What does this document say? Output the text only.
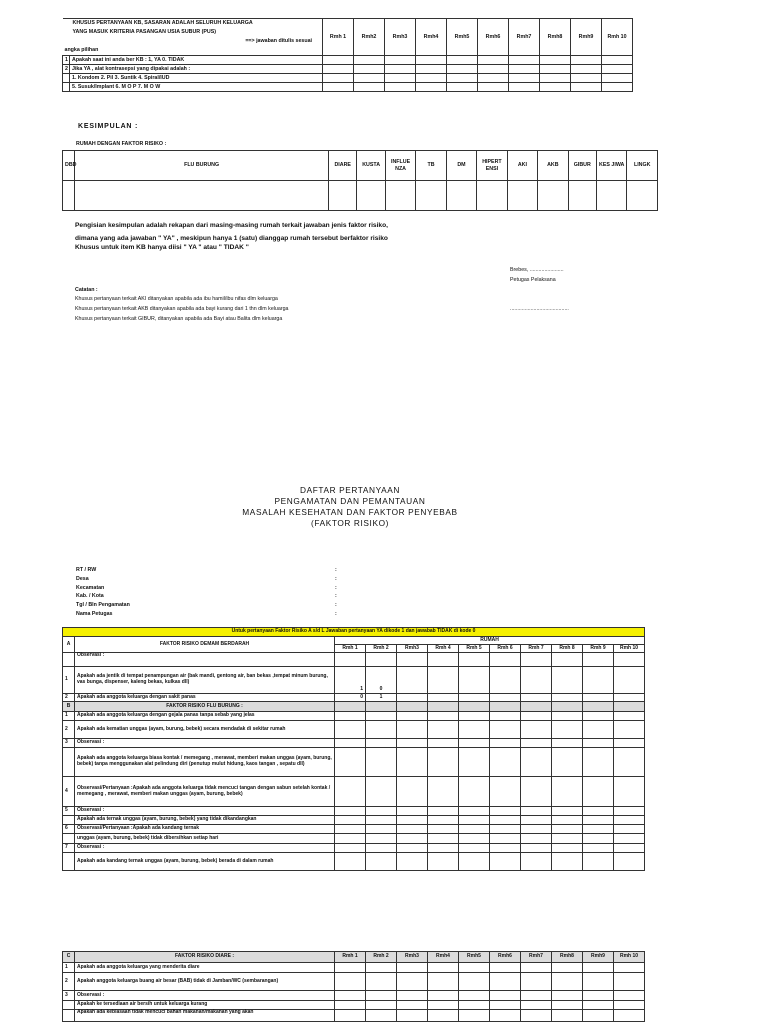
KHUSUS PERTANYAAN KB, SASARAN ADALAH SELURUH KELUARGA
YANG MASUK KRITERIA PASANGAN USIA SUBUR (PUS)
==> jawaban ditulis sesuai
angka pilihan		Rmh 1	Rmh2	Rmh3	Rmh4	Rmh5	Rmh6	Rmh7	Rmh8	Rmh9	Rmh 10
1	Apakah saat ini anda ber KB : 1, YA 0. TIDAK										
2	Jika YA , alat kontrasepsi yang dipakai adalah :										
	1. Kondom 2. Pil 3. Suntik 4. Spiral/IUD										
	5. Susuk/Implant 6. M O P 7. M O W										
KESIMPULAN :
RUMAH DENGAN FAKTOR RISIKO :
DBD	FLU BURUNG	DIARE	KUSTA	INFLUE NZA	TB	DM	HIPERT ENSI	AKI	AKB	GIBUR	KES JIWA	LINGK

Pengisian kesimpulan adalah rekapan dari masing-masing rumah terkait jawaban jenis faktor risiko,
dimana yang ada jawaban " YA" , meskipun hanya 1 (satu) dianggap rumah tersebut berfaktor risiko
Khusus untuk item KB hanya diisi " YA " atau " TIDAK "
Brebes, .......................
Petugas Pelaksana
........................................
Catatan :
Khusus pertanyaan terkait AKI ditanyakan apabila ada ibu hamil/ibu nifas dlm keluarga
Khusus pertanyaan terkait AKB ditanyakan apabila ada bayi kurang dari 1 thn dlm keluarga
Khusus pertanyaan terkait GIBUR, ditanyakan apabila ada Bayi atau Balita dlm keluarga
DAFTAR PERTANYAAN
PENGAMATAN DAN PEMANTAUAN
MASALAH KESEHATAN DAN FAKTOR PENYEBAB
(FAKTOR RISIKO)
RT / RW	:
Desa	:
Kecamatan	:
Kab. / Kota	:
Tgl / Bln Pengamatan	:
Nama Petugas	:
Untuk pertanyaan Faktor Risiko A s/d L Jawaban pertanyaan YA dikode 1 dan jawabab TIDAK di kode 0											
A	FAKTOR RISIKO DEMAM BERDARAH	RUMAH									
		Rmh 1	Rmh 2	Rmh3	Rmh 4	Rmh 5	Rmh 6	Rmh 7	Rmh 8	Rmh 9	Rmh 10
	Observasi :										
1	Apakah ada jentik di tempat penampungan air (bak mandi, gentong air, ban bekas ,tempat minum burung, vas bunga, dispenser, kaleng bekas, kulkas dll)	1	0								
2	Apakah ada anggota keluarga dengan sakit panas	0	1								
B	FAKTOR RISIKO FLU BURUNG :										
1	Apakah ada anggota keluarga dengan gejala panas tanpa sebab yang jelas										
2	Apakah ada kematian unggas (ayam, burung, bebek) secara mendadak di sekitar rumah										
3	Observasi :										
	Apakah ada anggota keluarga biasa kontak / memegang , merawat, memberi makan unggas (ayam, burung, bebek) tanpa menggunakan alat pelindung diri (penutup mulut hidung, kaos tangan , sepatu dll)										
4	Observasi/Pertanyaan :Apakah ada anggota keluarga tidak mencuci tangan dengan sabun setelah kontak / memegang , merawat, memberi makan unggas (ayam, burung, bebek)										
5	Observasi :										
	Apakah ada ternak unggas (ayam, burung, bebek) yang tidak dikandangkan										
6	Observasi/Pertanyaan :Apakah ada kandang ternak										
	unggas (ayam, burung, bebek) tidak dibersihkan setiap hari										
7	Observasi :										
	Apakah ada kandang ternak unggas (ayam, burung, bebek) berada di dalam rumah										
C	FAKTOR RISIKO DIARE :	Rmh 1	Rmh 2	Rmh3	Rmh4	Rmh5	Rmh6	Rmh7	Rmh8	Rmh9	Rmh 10
1	Apakah ada anggota keluarga yang menderita diare										
2	Apakah anggota keluarga buang air besar (BAB) tidak di Jamban/WC (sembarangan)										
3	Observasi :										
	Apakah ke tersediaan air bersih untuk keluarga kurang										
	Apakah ada kebiasaan tidak mencuci bahan makanan/makanan yang akan										
